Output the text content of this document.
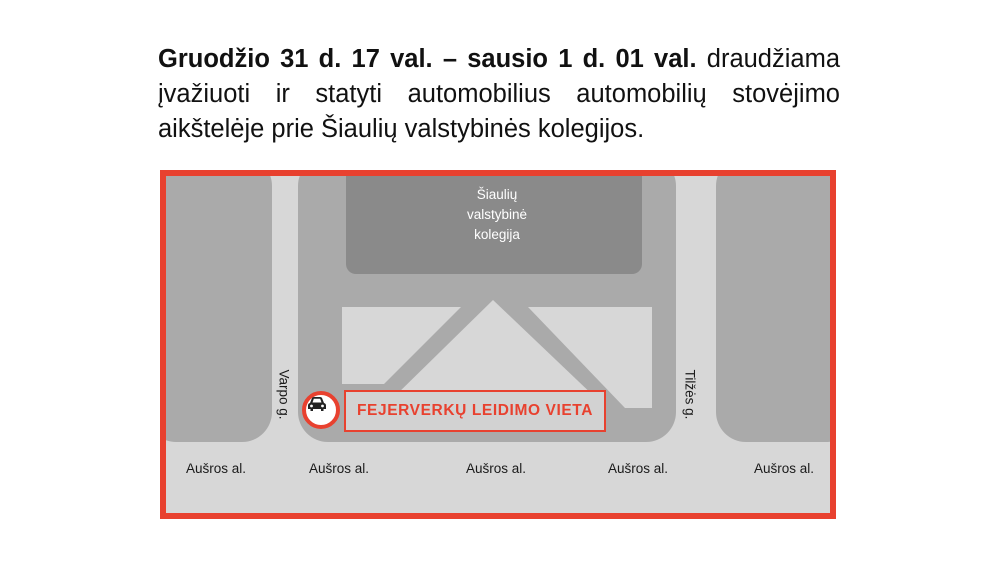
Gruodžio 31 d. 17 val. – sausio 1 d. 01 val. draudžiama įvažiuoti ir statyti automobilius automobilių stovėjimo aikštelėje prie Šiaulių valstybinės kolegijos.
Šiaulių
valstybinė
kolegija
Varpo g.	Tilžės g.
Aušros al.	Aušros al.	Aušros al.	Aušros al.	Aušros al.
FEJERVERKŲ LEIDIMO VIETA
